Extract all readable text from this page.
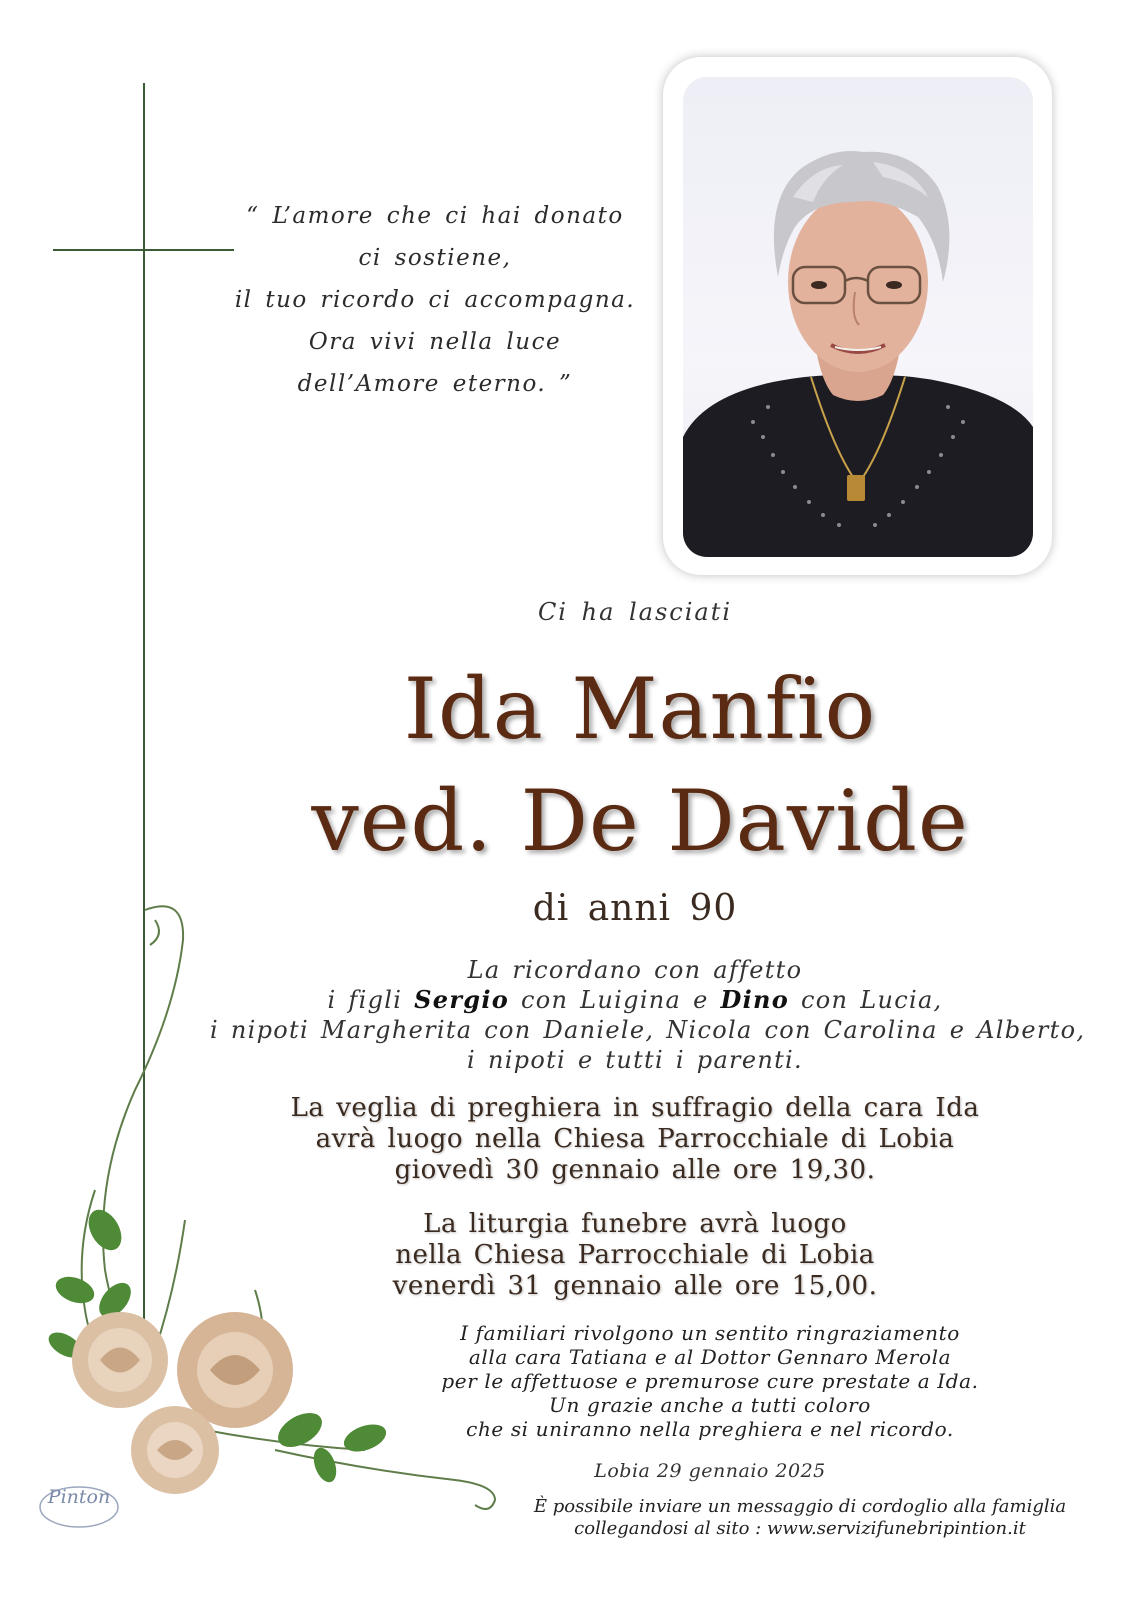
“ L’amore che ci hai donato
ci sostiene,
il tuo ricordo ci accompagna.
Ora vivi nella luce
dell’Amore eterno. ”
Ci ha lasciati
Ida Manfio
ved. De Davide
di anni 90
La ricordano con affetto
i figli Sergio con Luigina e Dino con Lucia,
i nipoti Margherita con Daniele, Nicola con Carolina e Alberto,
i nipoti e tutti i parenti.
La veglia di preghiera in suffragio della cara Ida
avrà luogo nella Chiesa Parrocchiale di Lobia
giovedì 30 gennaio alle ore 19,30.
La liturgia funebre avrà luogo
nella Chiesa Parrocchiale di Lobia
venerdì 31 gennaio alle ore 15,00.
I familiari rivolgono un sentito ringraziamento
alla cara Tatiana e al Dottor Gennaro Merola
per le affettuose e premurose cure prestate a Ida.
Un grazie anche a tutti coloro
che si uniranno nella preghiera e nel ricordo.
Lobia 29 gennaio 2025
È possibile inviare un messaggio di cordoglio alla famiglia
collegandosi al sito : www.servizifunebripintion.it
Pinton
